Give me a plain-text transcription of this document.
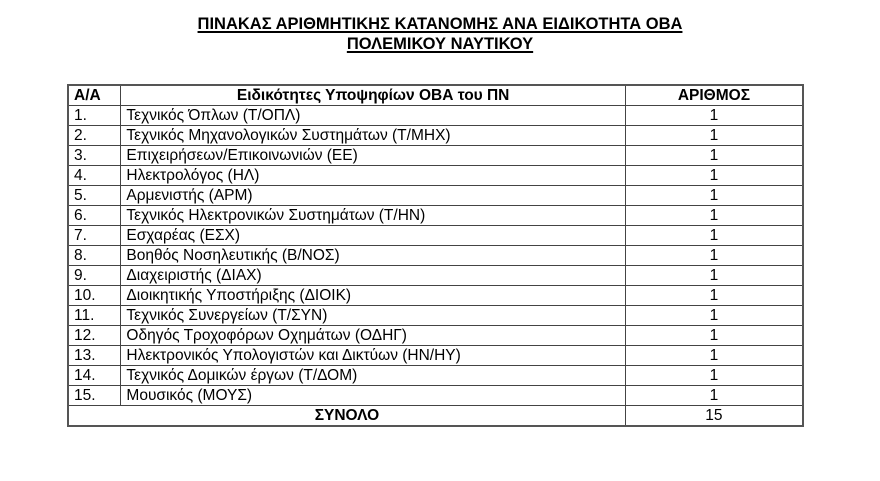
ΠΙΝΑΚΑΣ ΑΡΙΘΜΗΤΙΚΗΣ ΚΑΤΑΝΟΜΗΣ ΑΝΑ ΕΙΔΙΚΟΤΗΤΑ ΟΒΑ
ΠΟΛΕΜΙΚΟΥ ΝΑΥΤΙΚΟΥ
Α/Α	Ειδικότητες Υποψηφίων ΟΒΑ του ΠΝ	ΑΡΙΘΜΟΣ
1.	Τεχνικός Όπλων (Τ/ΟΠΛ)	1
2.	Τεχνικός Μηχανολογικών Συστημάτων (Τ/ΜΗΧ)	1
3.	Επιχειρήσεων/Επικοινωνιών (ΕΕ)	1
4.	Ηλεκτρολόγος (ΗΛ)	1
5.	Αρμενιστής (ΑΡΜ)	1
6.	Τεχνικός Ηλεκτρονικών Συστημάτων (Τ/ΗΝ)	1
7.	Εσχαρέας (ΕΣΧ)	1
8.	Βοηθός Νοσηλευτικής (Β/ΝΟΣ)	1
9.	Διαχειριστής (ΔΙΑΧ)	1
10.	Διοικητικής Υποστήριξης (ΔΙΟΙΚ)	1
11.	Τεχνικός Συνεργείων (Τ/ΣΥΝ)	1
12.	Οδηγός Τροχοφόρων Οχημάτων (ΟΔΗΓ)	1
13.	Ηλεκτρονικός Υπολογιστών και Δικτύων (ΗΝ/ΗΥ)	1
14.	Τεχνικός Δομικών έργων (Τ/ΔΟΜ)	1
15.	Μουσικός (ΜΟΥΣ)	1
ΣΥΝΟΛΟ		15
